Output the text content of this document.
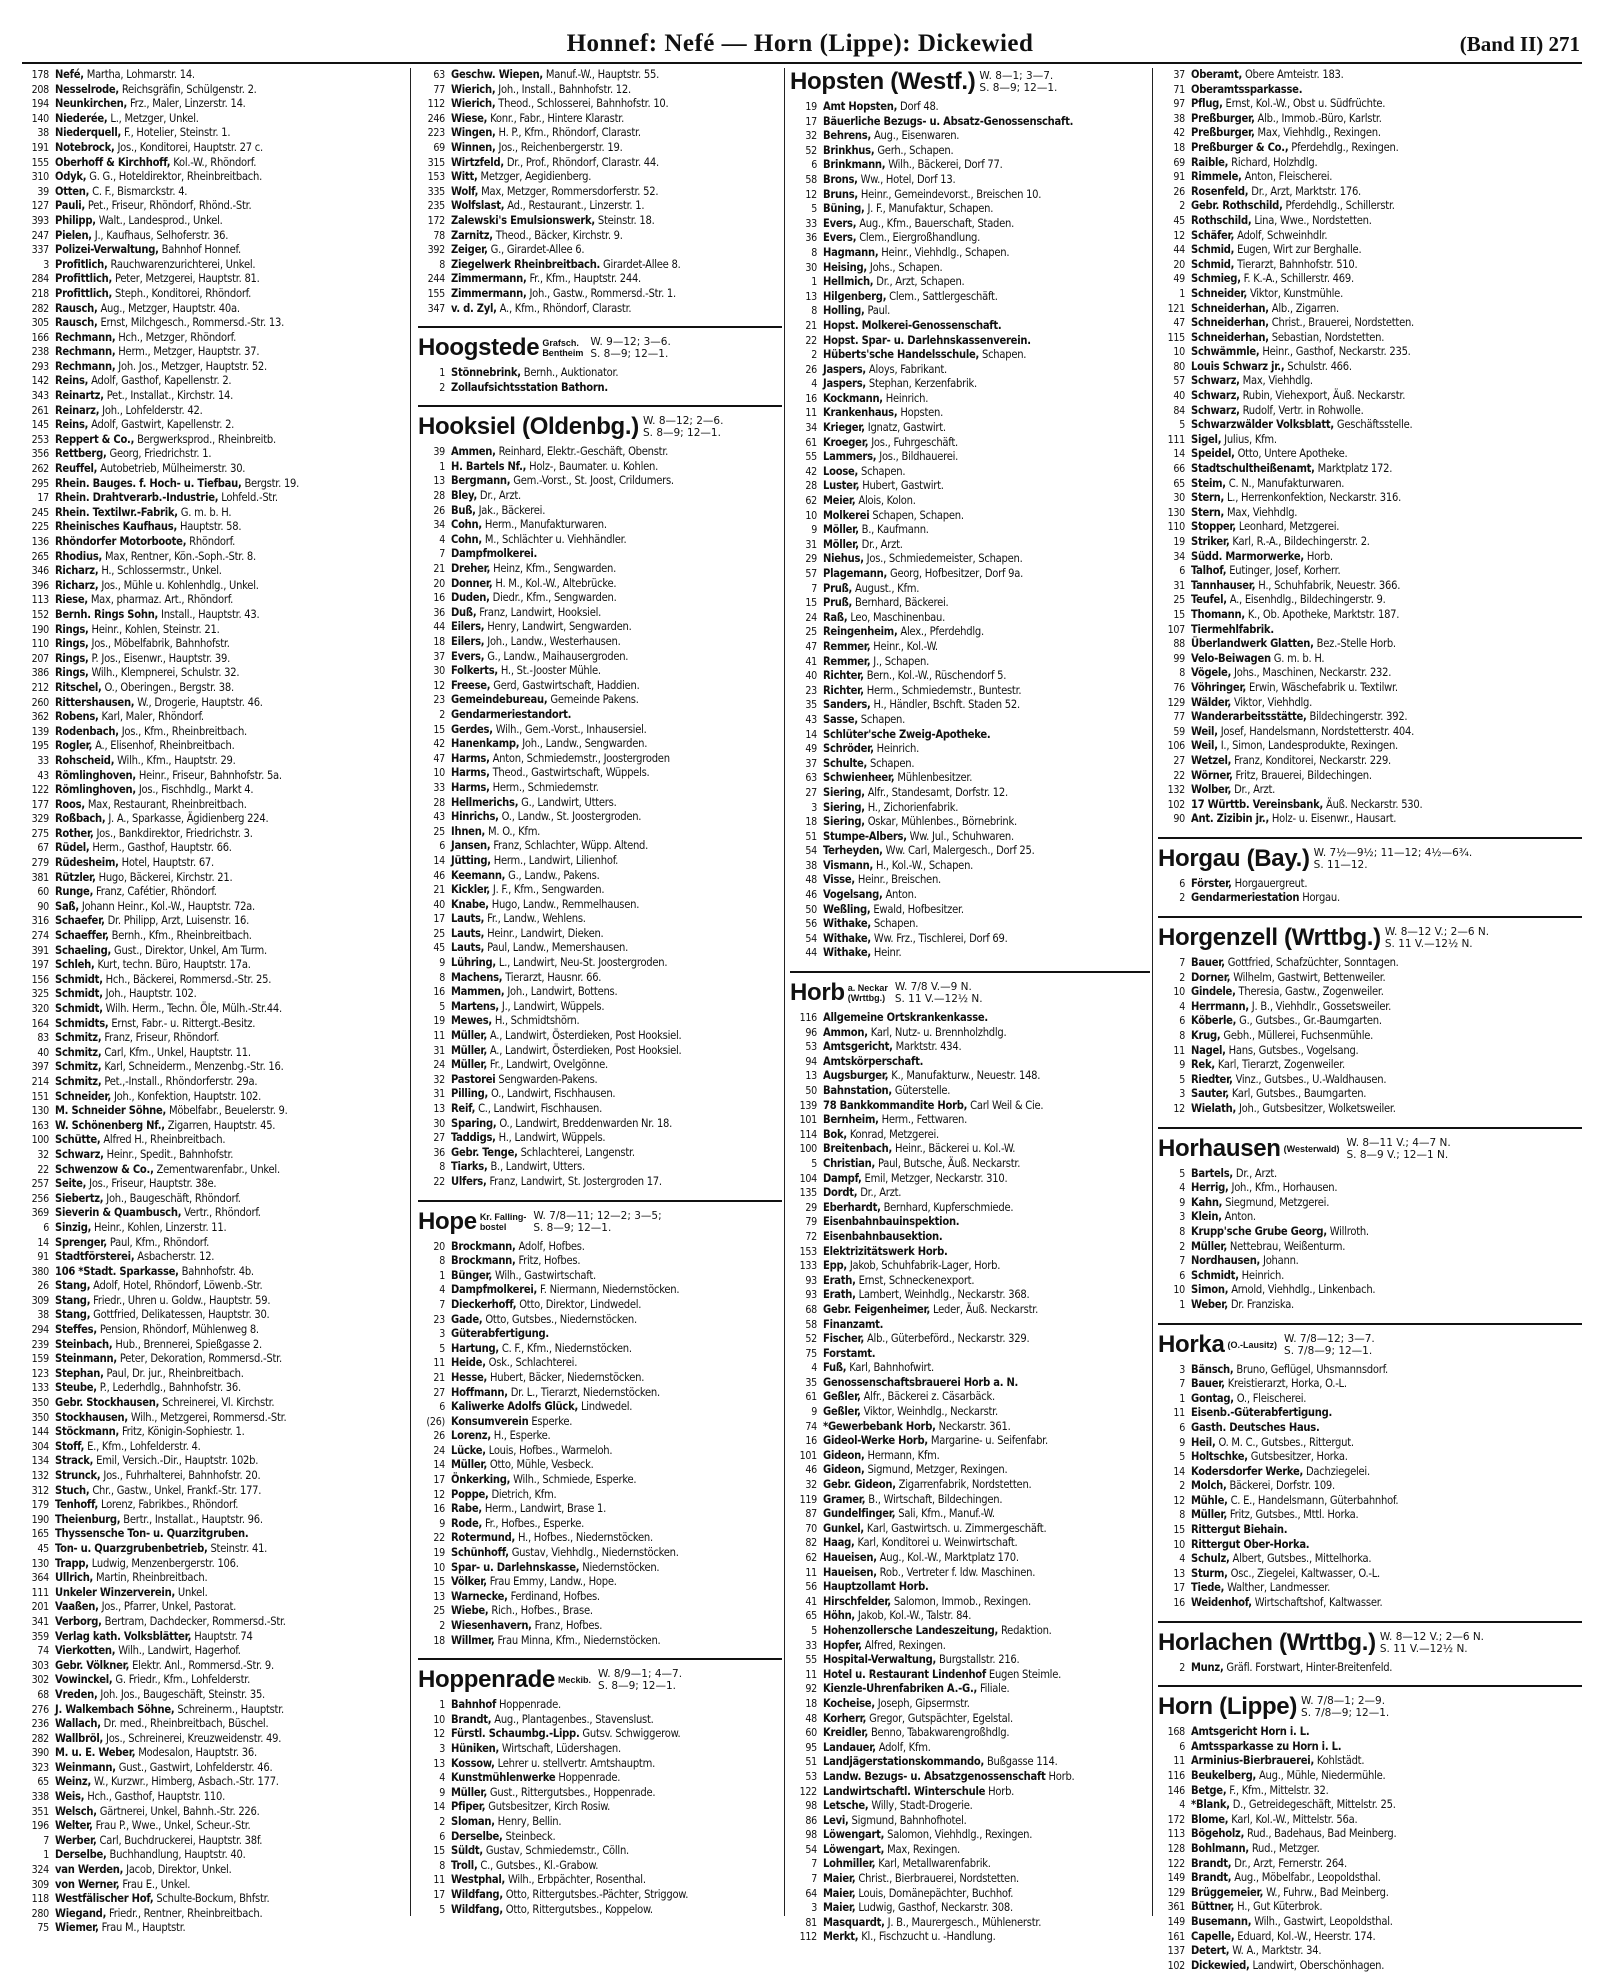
Honnef: Nefé — Horn (Lippe): Dickewied	(Band II) 271
178 Nefé, Martha, Lohmarstr. 14.
208 Nesselrode, Reichsgräfin, Schülgenstr. 2.
194 Neunkirchen, Frz., Maler, Linzerstr. 14.
140 Niederée, L., Metzger, Unkel.
38 Niederquell, F., Hotelier, Steinstr. 1.
191 Notebrock, Jos., Konditorei, Hauptstr. 27 c.
155 Oberhoff & Kirchhoff, Kol.-W., Rhöndorf.
310 Odyk, G. G., Hoteldirektor, Rheinbreitbach.
39 Otten, C. F., Bismarckstr. 4.
127 Pauli, Pet., Friseur, Rhöndorf, Rhönd.-Str.
393 Philipp, Walt., Landesprod., Unkel.
247 Pielen, J., Kaufhaus, Selhoferstr. 36.
337 Polizei-Verwaltung, Bahnhof Honnef.
3 Profitlich, Rauchwarenzurichterei, Unkel.
284 Profittlich, Peter, Metzgerei, Hauptstr. 81.
218 Profittlich, Steph., Konditorei, Rhöndorf.
282 Rausch, Aug., Metzger, Hauptstr. 40a.
305 Rausch, Ernst, Milchgesch., Rommersd.-Str. 13.
166 Rechmann, Hch., Metzger, Rhöndorf.
238 Rechmann, Herm., Metzger, Hauptstr. 37.
293 Rechmann, Joh. Jos., Metzger, Hauptstr. 52.
142 Reins, Adolf, Gasthof, Kapellenstr. 2.
343 Reinartz, Pet., Installat., Kirchstr. 14.
261 Reinarz, Joh., Lohfelderstr. 42.
145 Reins, Adolf, Gastwirt, Kapellenstr. 2.
253 Reppert & Co., Bergwerksprod., Rheinbreitb.
356 Rettberg, Georg, Friedrichstr. 1.
262 Reuffel, Autobetrieb, Mülheimerstr. 30.
295 Rhein. Bauges. f. Hoch- u. Tiefbau, Bergstr. 19.
17 Rhein. Drahtverarb.-Industrie, Lohfeld.-Str.
245 Rhein. Textilwr.-Fabrik, G. m. b. H.
225 Rheinisches Kaufhaus, Hauptstr. 58.
136 Rhöndorfer Motorboote, Rhöndorf.
265 Rhodius, Max, Rentner, Kön.-Soph.-Str. 8.
346 Richarz, H., Schlossermstr., Unkel.
396 Richarz, Jos., Mühle u. Kohlenhdlg., Unkel.
113 Riese, Max, pharmaz. Art., Rhöndorf.
152 Bernh. Rings Sohn, Install., Hauptstr. 43.
190 Rings, Heinr., Kohlen, Steinstr. 21.
110 Rings, Jos., Möbelfabrik, Bahnhofstr.
207 Rings, P. Jos., Eisenwr., Hauptstr. 39.
386 Rings, Wilh., Klempnerei, Schulstr. 32.
212 Ritschel, O., Oberingen., Bergstr. 38.
260 Rittershausen, W., Drogerie, Hauptstr. 46.
362 Robens, Karl, Maler, Rhöndorf.
139 Rodenbach, Jos., Kfm., Rheinbreitbach.
195 Rogler, A., Elisenhof, Rheinbreitbach.
33 Rohscheid, Wilh., Kfm., Hauptstr. 29.
43 Römlinghoven, Heinr., Friseur, Bahnhofstr. 5a.
122 Römlinghoven, Jos., Fischhdlg., Markt 4.
177 Roos, Max, Restaurant, Rheinbreitbach.
329 Roßbach, J. A., Sparkasse, Ägidienberg 224.
275 Rother, Jos., Bankdirektor, Friedrichstr. 3.
67 Rüdel, Herm., Gasthof, Hauptstr. 66.
279 Rüdesheim, Hotel, Hauptstr. 67.
381 Rützler, Hugo, Bäckerei, Kirchstr. 21.
60 Runge, Franz, Cafétier, Rhöndorf.
90 Saß, Johann Heinr., Kol.-W., Hauptstr. 72a.
316 Schaefer, Dr. Philipp, Arzt, Luisenstr. 16.
274 Schaeffer, Bernh., Kfm., Rheinbreitbach.
391 Schaeling, Gust., Direktor, Unkel, Am Turm.
197 Schleh, Kurt, techn. Büro, Hauptstr. 17a.
156 Schmidt, Hch., Bäckerei, Rommersd.-Str. 25.
325 Schmidt, Joh., Hauptstr. 102.
320 Schmidt, Wilh. Herm., Techn. Öle, Mülh.-Str.44.
164 Schmidts, Ernst, Fabr.- u. Rittergt.-Besitz.
83 Schmitz, Franz, Friseur, Rhöndorf.
40 Schmitz, Carl, Kfm., Unkel, Hauptstr. 11.
397 Schmitz, Karl, Schneiderm., Menzenbg.-Str. 16.
214 Schmitz, Pet.,-Install., Rhöndorferstr. 29a.
151 Schneider, Joh., Konfektion, Hauptstr. 102.
130 M. Schneider Söhne, Möbelfabr., Beuelerstr. 9.
163 W. Schönenberg Nf., Zigarren, Hauptstr. 45.
100 Schütte, Alfred H., Rheinbreitbach.
32 Schwarz, Heinr., Spedit., Bahnhofstr.
22 Schwenzow & Co., Zementwarenfabr., Unkel.
257 Seite, Jos., Friseur, Hauptstr. 38e.
256 Siebertz, Joh., Baugeschäft, Rhöndorf.
369 Sieverin & Quambusch, Vertr., Rhöndorf.
6 Sinzig, Heinr., Kohlen, Linzerstr. 11.
14 Sprenger, Paul, Kfm., Rhöndorf.
91 Stadtförsterei, Asbacherstr. 12.
380 106 *Stadt. Sparkasse, Bahnhofstr. 4b.
26 Stang, Adolf, Hotel, Rhöndorf, Löwenb.-Str.
309 Stang, Friedr., Uhren u. Goldw., Hauptstr. 59.
38 Stang, Gottfried, Delikatessen, Hauptstr. 30.
294 Steffes, Pension, Rhöndorf, Mühlenweg 8.
239 Steinbach, Hub., Brennerei, Spießgasse 2.
159 Steinmann, Peter, Dekoration, Rommersd.-Str.
123 Stephan, Paul, Dr. jur., Rheinbreitbach.
133 Steube, P., Lederhdlg., Bahnhofstr. 36.
350 Gebr. Stockhausen, Schreinerei, Vl. Kirchstr.
350 Stockhausen, Wilh., Metzgerei, Rommersd.-Str.
144 Stöckmann, Fritz, Königin-Sophiestr. 1.
304 Stoff, E., Kfm., Lohfelderstr. 4.
134 Strack, Emil, Versich.-Dir., Hauptstr. 102b.
132 Strunck, Jos., Fuhrhalterei, Bahnhofstr. 20.
312 Stuch, Chr., Gastw., Unkel, Frankf.-Str. 177.
179 Tenhoff, Lorenz, Fabrikbes., Rhöndorf.
190 Theienburg, Bertr., Installat., Hauptstr. 96.
165 Thyssensche Ton- u. Quarzitgruben.
45 Ton- u. Quarzgrubenbetrieb, Steinstr. 41.
130 Trapp, Ludwig, Menzenbergerstr. 106.
364 Ullrich, Martin, Rheinbreitbach.
111 Unkeler Winzerverein, Unkel.
201 Vaaßen, Jos., Pfarrer, Unkel, Pastorat.
341 Verborg, Bertram, Dachdecker, Rommersd.-Str.
359 Verlag kath. Volksblätter, Hauptstr. 74
74 Vierkotten, Wilh., Landwirt, Hagerhof.
303 Gebr. Völkner, Elektr. Anl., Rommersd.-Str. 9.
302 Vowinckel, G. Friedr., Kfm., Lohfelderstr.
68 Vreden, Joh. Jos., Baugeschäft, Steinstr. 35.
276 J. Walkembach Söhne, Schreinerm., Hauptstr.
236 Wallach, Dr. med., Rheinbreitbach, Büschel.
282 Wallbröl, Jos., Schreinerei, Kreuzweidenstr. 49.
390 M. u. E. Weber, Modesalon, Hauptstr. 36.
323 Weinmann, Gust., Gastwirt, Lohfelderstr. 46.
65 Weinz, W., Kurzwr., Himberg, Asbach.-Str. 177.
338 Weis, Hch., Gasthof, Hauptstr. 110.
351 Welsch, Gärtnerei, Unkel, Bahnh.-Str. 226.
196 Welter, Frau P., Wwe., Unkel, Scheur.-Str.
7 Werber, Carl, Buchdruckerei, Hauptstr. 38f.
1 Derselbe, Buchhandlung, Hauptstr. 40.
324 van Werden, Jacob, Direktor, Unkel.
309 von Werner, Frau E., Unkel.
118 Westfälischer Hof, Schulte-Bockum, Bhfstr.
280 Wiegand, Friedr., Rentner, Rheinbreitbach.
75 Wiemer, Frau M., Hauptstr.
63 Geschw. Wiepen, Manuf.-W., Hauptstr. 55.
77 Wierich, Joh., Install., Bahnhofstr. 12.
112 Wierich, Theod., Schlosserei, Bahnhofstr. 10.
246 Wiese, Konr., Fabr., Hintere Klarastr.
223 Wingen, H. P., Kfm., Rhöndorf, Clarastr.
69 Winnen, Jos., Reichenbergerstr. 19.
315 Wirtzfeld, Dr., Prof., Rhöndorf, Clarastr. 44.
153 Witt, Metzger, Aegidienberg.
335 Wolf, Max, Metzger, Rommersdorferstr. 52.
235 Wolfslast, Ad., Restaurant., Linzerstr. 1.
172 Zalewski's Emulsionswerk, Steinstr. 18.
78 Zarnitz, Theod., Bäcker, Kirchstr. 9.
392 Zeiger, G., Girardet-Allee 6.
8 Ziegelwerk Rheinbreitbach. Girardet-Allee 8.
244 Zimmermann, Fr., Kfm., Hauptstr. 244.
155 Zimmermann, Joh., Gastw., Rommersd.-Str. 1.
347 v. d. Zyl, A., Kfm., Rhöndorf, Clarastr.
Hoogstede Grafsch.
Bentheim
W. 9—12; 3—6.
S. 8—9; 12—1.
1 Stönnebrink, Bernh., Auktionator.
2 Zollaufsichtsstation Bathorn.
Hooksiel (Oldenbg.) W. 8—12; 2—6.
S. 8—9; 12—1.
39 Ammen, Reinhard, Elektr.-Geschäft, Obenstr.
1 H. Bartels Nf., Holz-, Baumater. u. Kohlen.
13 Bergmann, Gem.-Vorst., St. Joost, Crildumers.
28 Bley, Dr., Arzt.
26 Buß, Jak., Bäckerei.
34 Cohn, Herm., Manufakturwaren.
4 Cohn, M., Schlächter u. Viehhändler.
7 Dampfmolkerei.
21 Dreher, Heinz, Kfm., Sengwarden.
20 Donner, H. M., Kol.-W., Altebrücke.
16 Duden, Diedr., Kfm., Sengwarden.
36 Duß, Franz, Landwirt, Hooksiel.
44 Eilers, Henry, Landwirt, Sengwarden.
18 Eilers, Joh., Landw., Westerhausen.
37 Evers, G., Landw., Maihausergroden.
30 Folkerts, H., St.-Jooster Mühle.
12 Freese, Gerd, Gastwirtschaft, Haddien.
23 Gemeindebureau, Gemeinde Pakens.
2 Gendarmeriestandort.
15 Gerdes, Wilh., Gem.-Vorst., Inhausersiel.
42 Hanenkamp, Joh., Landw., Sengwarden.
47 Harms, Anton, Schmiedemstr., Joostergroden
10 Harms, Theod., Gastwirtschaft, Wüppels.
33 Harms, Herm., Schmiedemstr.
28 Hellmerichs, G., Landwirt, Utters.
43 Hinrichs, O., Landw., St. Joostergroden.
25 Ihnen, M. O., Kfm.
6 Jansen, Franz, Schlachter, Wüpp. Altend.
14 Jütting, Herm., Landwirt, Lilienhof.
46 Keemann, G., Landw., Pakens.
21 Kickler, J. F., Kfm., Sengwarden.
40 Knabe, Hugo, Landw., Remmelhausen.
17 Lauts, Fr., Landw., Wehlens.
25 Lauts, Heinr., Landwirt, Dieken.
45 Lauts, Paul, Landw., Memershausen.
9 Lühring, L., Landwirt, Neu-St. Joostergroden.
8 Machens, Tierarzt, Hausnr. 66.
16 Mammen, Joh., Landwirt, Bottens.
5 Martens, J., Landwirt, Wüppels.
19 Mewes, H., Schmidtshörn.
11 Müller, A., Landwirt, Österdieken, Post Hooksiel.
31 Müller, A., Landwirt, Österdieken, Post Hooksiel.
24 Müller, Fr., Landwirt, Ovelgönne.
32 Pastorei Sengwarden-Pakens.
31 Pilling, O., Landwirt, Fischhausen.
13 Reif, C., Landwirt, Fischhausen.
30 Sparing, O., Landwirt, Breddenwarden Nr. 18.
27 Taddigs, H., Landwirt, Wüppels.
36 Gebr. Tenge, Schlachterei, Langenstr.
8 Tiarks, B., Landwirt, Utters.
22 Ulfers, Franz, Landwirt, St. Jostergroden 17.
Hope Kr. Falling-
bostel
W. 7/8—11; 12—2; 3—5;
S. 8—9; 12—1.
20 Brockmann, Adolf, Hofbes.
8 Brockmann, Fritz, Hofbes.
1 Bünger, Wilh., Gastwirtschaft.
4 Dampfmolkerei, F. Niermann, Niedernstöcken.
7 Dieckerhoff, Otto, Direktor, Lindwedel.
23 Gade, Otto, Gutsbes., Niedernstöcken.
3 Güterabfertigung.
5 Hartung, C. F., Kfm., Niedernstöcken.
11 Heide, Osk., Schlachterei.
21 Hesse, Hubert, Bäcker, Niedernstöcken.
27 Hoffmann, Dr. L., Tierarzt, Niedernstöcken.
6 Kaliwerke Adolfs Glück, Lindwedel.
(26) Konsumverein Esperke.
26 Lorenz, H., Esperke.
24 Lücke, Louis, Hofbes., Warmeloh.
14 Müller, Otto, Mühle, Vesbeck.
17 Önkerking, Wilh., Schmiede, Esperke.
12 Poppe, Dietrich, Kfm.
16 Rabe, Herm., Landwirt, Brase 1.
9 Rode, Fr., Hofbes., Esperke.
22 Rotermund, H., Hofbes., Niedernstöcken.
19 Schünhoff, Gustav, Viehhdlg., Niedernstöcken.
10 Spar- u. Darlehnskasse, Niedernstöcken.
15 Völker, Frau Emmy, Landw., Hope.
13 Warnecke, Ferdinand, Hofbes.
25 Wiebe, Rich., Hofbes., Brase.
2 Wiesenhavern, Franz, Hofbes.
18 Willmer, Frau Minna, Kfm., Niedernstöcken.
Hoppenrade Meckib. W. 8/9—1; 4—7.
S. 8—9; 12—1.
1 Bahnhof Hoppenrade.
10 Brandt, Aug., Plantagenbes., Stavenslust.
12 Fürstl. Schaumbg.-Lipp. Gutsv. Schwiggerow.
3 Hüniken, Wirtschaft, Lüdershagen.
13 Kossow, Lehrer u. stellvertr. Amtshauptm.
4 Kunstmühlenwerke Hoppenrade.
9 Müller, Gust., Rittergutsbes., Hoppenrade.
14 Pfiper, Gutsbesitzer, Kirch Rosiw.
2 Sloman, Henry, Bellin.
6 Derselbe, Steinbeck.
15 Süldt, Gustav, Schmiedemstr., Cölln.
8 Troll, C., Gutsbes., Kl.-Grabow.
11 Westphal, Wilh., Erbpächter, Rosenthal.
17 Wildfang, Otto, Rittergutsbes.-Pächter, Striggow.
5 Wildfang, Otto, Rittergutsbes., Koppelow.
Hopsten (Westf.) W. 8—1; 3—7.
S. 8—9; 12—1.
19 Amt Hopsten, Dorf 48.
17 Bäuerliche Bezugs- u. Absatz-Genossenschaft.
32 Behrens, Aug., Eisenwaren.
52 Brinkhus, Gerh., Schapen.
6 Brinkmann, Wilh., Bäckerei, Dorf 77.
58 Brons, Ww., Hotel, Dorf 13.
12 Bruns, Heinr., Gemeindevorst., Breischen 10.
5 Büning, J. F., Manufaktur, Schapen.
33 Evers, Aug., Kfm., Bauerschaft, Staden.
36 Evers, Clem., Eiergroßhandlung.
8 Hagmann, Heinr., Viehhdlg., Schapen.
30 Heising, Johs., Schapen.
1 Hellmich, Dr., Arzt, Schapen.
13 Hilgenberg, Clem., Sattlergeschäft.
8 Holling, Paul.
21 Hopst. Molkerei-Genossenschaft.
22 Hopst. Spar- u. Darlehnskassenverein.
2 Hüberts'sche Handelsschule, Schapen.
26 Jaspers, Aloys, Fabrikant.
4 Jaspers, Stephan, Kerzenfabrik.
16 Kockmann, Heinrich.
11 Krankenhaus, Hopsten.
34 Krieger, Ignatz, Gastwirt.
61 Kroeger, Jos., Fuhrgeschäft.
55 Lammers, Jos., Bildhauerei.
42 Loose, Schapen.
28 Luster, Hubert, Gastwirt.
62 Meier, Alois, Kolon.
10 Molkerei Schapen, Schapen.
9 Möller, B., Kaufmann.
31 Möller, Dr., Arzt.
29 Niehus, Jos., Schmiedemeister, Schapen.
57 Plagemann, Georg, Hofbesitzer, Dorf 9a.
7 Pruß, August., Kfm.
15 Pruß, Bernhard, Bäckerei.
24 Raß, Leo, Maschinenbau.
25 Reingenheim, Alex., Pferdehdlg.
47 Remmer, Heinr., Kol.-W.
41 Remmer, J., Schapen.
40 Richter, Bern., Kol.-W., Rüschendorf 5.
23 Richter, Herm., Schmiedemstr., Buntestr.
35 Sanders, H., Händler, Bschft. Staden 52.
43 Sasse, Schapen.
14 Schlüter'sche Zweig-Apotheke.
49 Schröder, Heinrich.
37 Schulte, Schapen.
63 Schwienheer, Mühlenbesitzer.
27 Siering, Alfr., Standesamt, Dorfstr. 12.
3 Siering, H., Zichorienfabrik.
18 Siering, Oskar, Mühlenbes., Börnebrink.
51 Stumpe-Albers, Ww. Jul., Schuhwaren.
54 Terheyden, Ww. Carl, Malergesch., Dorf 25.
38 Vismann, H., Kol.-W., Schapen.
48 Visse, Heinr., Breischen.
46 Vogelsang, Anton.
50 Weßling, Ewald, Hofbesitzer.
56 Withake, Schapen.
54 Withake, Ww. Frz., Tischlerei, Dorf 69.
44 Withake, Heinr.
Horb a. Neckar
(Wrttbg.)
W. 7/8 V.—9 N.
S. 11 V.—12½ N.
116 Allgemeine Ortskrankenkasse.
96 Ammon, Karl, Nutz- u. Brennholzhdlg.
53 Amtsgericht, Marktstr. 434.
94 Amtskörperschaft.
13 Augsburger, K., Manufakturw., Neuestr. 148.
50 Bahnstation, Güterstelle.
139 78 Bankkommandite Horb, Carl Weil & Cie.
101 Bernheim, Herm., Fettwaren.
114 Bok, Konrad, Metzgerei.
100 Breitenbach, Heinr., Bäckerei u. Kol.-W.
5 Christian, Paul, Butsche, Äuß. Neckarstr.
104 Dampf, Emil, Metzger, Neckarstr. 310.
135 Dordt, Dr., Arzt.
29 Eberhardt, Bernhard, Kupferschmiede.
79 Eisenbahnbauinspektion.
72 Eisenbahnbausektion.
153 Elektrizitätswerk Horb.
133 Epp, Jakob, Schuhfabrik-Lager, Horb.
93 Erath, Ernst, Schneckenexport.
93 Erath, Lambert, Weinhdlg., Neckarstr. 368.
68 Gebr. Feigenheimer, Leder, Äuß. Neckarstr.
58 Finanzamt.
52 Fischer, Alb., Güterbeförd., Neckarstr. 329.
75 Forstamt.
4 Fuß, Karl, Bahnhofwirt.
35 Genossenschaftsbrauerei Horb a. N.
61 Geßler, Alfr., Bäckerei z. Cäsarbäck.
9 Geßler, Viktor, Weinhdlg., Neckarstr.
74 *Gewerbebank Horb, Neckarstr. 361.
16 Gideol-Werke Horb, Margarine- u. Seifenfabr.
101 Gideon, Hermann, Kfm.
46 Gideon, Sigmund, Metzger, Rexingen.
32 Gebr. Gideon, Zigarrenfabrik, Nordstetten.
119 Gramer, B., Wirtschaft, Bildechingen.
87 Gundelfinger, Sali, Kfm., Manuf.-W.
70 Gunkel, Karl, Gastwirtsch. u. Zimmergeschäft.
82 Haag, Karl, Konditorei u. Weinwirtschaft.
62 Haueisen, Aug., Kol.-W., Marktplatz 170.
11 Haueisen, Rob., Vertreter f. ldw. Maschinen.
56 Hauptzollamt Horb.
41 Hirschfelder, Salomon, Immob., Rexingen.
65 Höhn, Jakob, Kol.-W., Talstr. 84.
5 Hohenzollersche Landeszeitung, Redaktion.
33 Hopfer, Alfred, Rexingen.
55 Hospital-Verwaltung, Burgstallstr. 216.
11 Hotel u. Restaurant Lindenhof Eugen Steimle.
92 Kienzle-Uhrenfabriken A.-G., Filiale.
18 Kocheise, Joseph, Gipsermstr.
48 Korherr, Gregor, Gutspächter, Egelstal.
60 Kreidler, Benno, Tabakwarengroßhdlg.
95 Landauer, Adolf, Kfm.
51 Landjägerstationskommando, Bußgasse 114.
53 Landw. Bezugs- u. Absatzgenossenschaft Horb.
122 Landwirtschaftl. Winterschule Horb.
98 Letsche, Willy, Stadt-Drogerie.
86 Levi, Sigmund, Bahnhofhotel.
98 Löwengart, Salomon, Viehhdlg., Rexingen.
54 Löwengart, Max, Rexingen.
7 Lohmiller, Karl, Metallwarenfabrik.
7 Maier, Christ., Bierbrauerei, Nordstetten.
64 Maier, Louis, Domänepächter, Buchhof.
3 Maier, Ludwig, Gasthof, Neckarstr. 308.
81 Masquardt, J. B., Maurergesch., Mühlenerstr.
112 Merkt, Kl., Fischzucht u. -Handlung.
37 Oberamt, Obere Amteistr. 183.
71 Oberamtssparkasse.
97 Pflug, Ernst, Kol.-W., Obst u. Südfrüchte.
38 Preßburger, Alb., Immob.-Büro, Karlstr.
42 Preßburger, Max, Viehhdlg., Rexingen.
18 Preßburger & Co., Pferdehdlg., Rexingen.
69 Raible, Richard, Holzhdlg.
91 Rimmele, Anton, Fleischerei.
26 Rosenfeld, Dr., Arzt, Marktstr. 176.
2 Gebr. Rothschild, Pferdehdlg., Schillerstr.
45 Rothschild, Lina, Wwe., Nordstetten.
12 Schäfer, Adolf, Schweinhdlr.
44 Schmid, Eugen, Wirt zur Berghalle.
20 Schmid, Tierarzt, Bahnhofstr. 510.
49 Schmieg, F. K.-A., Schillerstr. 469.
1 Schneider, Viktor, Kunstmühle.
121 Schneiderhan, Alb., Zigarren.
47 Schneiderhan, Christ., Brauerei, Nordstetten.
115 Schneiderhan, Sebastian, Nordstetten.
10 Schwämmle, Heinr., Gasthof, Neckarstr. 235.
80 Louis Schwarz jr., Schulstr. 466.
57 Schwarz, Max, Viehhdlg.
40 Schwarz, Rubin, Viehexport, Äuß. Neckarstr.
84 Schwarz, Rudolf, Vertr. in Rohwolle.
5 Schwarzwälder Volksblatt, Geschäftsstelle.
111 Sigel, Julius, Kfm.
14 Speidel, Otto, Untere Apotheke.
66 Stadtschultheißenamt, Marktplatz 172.
65 Steim, C. N., Manufakturwaren.
30 Stern, L., Herrenkonfektion, Neckarstr. 316.
130 Stern, Max, Viehhdlg.
110 Stopper, Leonhard, Metzgerei.
19 Striker, Karl, R.-A., Bildechingerstr. 2.
34 Südd. Marmorwerke, Horb.
6 Talhof, Eutinger, Josef, Korherr.
31 Tannhauser, H., Schuhfabrik, Neuestr. 366.
25 Teufel, A., Eisenhdlg., Bildechingerstr. 9.
15 Thomann, K., Ob. Apotheke, Marktstr. 187.
107 Tiermehlfabrik.
88 Überlandwerk Glatten, Bez.-Stelle Horb.
99 Velo-Beiwagen G. m. b. H.
8 Vögele, Johs., Maschinen, Neckarstr. 232.
76 Vöhringer, Erwin, Wäschefabrik u. Textilwr.
129 Wälder, Viktor, Viehhdlg.
77 Wanderarbeitsstätte, Bildechingerstr. 392.
59 Weil, Josef, Handelsmann, Nordstetterstr. 404.
106 Weil, I., Simon, Landesprodukte, Rexingen.
27 Wetzel, Franz, Konditorei, Neckarstr. 229.
22 Wörner, Fritz, Brauerei, Bildechingen.
132 Wolber, Dr., Arzt.
102 17 Württb. Vereinsbank, Äuß. Neckarstr. 530.
90 Ant. Zizibin jr., Holz- u. Eisenwr., Hausart.
Horgau (Bay.) W. 7½—9½; 11—12; 4½—6¾.
S. 11—12.
6 Förster, Horgauergreut.
2 Gendarmeriestation Horgau.
Horgenzell (Wrttbg.) W. 8—12 V.; 2—6 N.
S. 11 V.—12½ N.
7 Bauer, Gottfried, Schafzüchter, Sonntagen.
2 Dorner, Wilhelm, Gastwirt, Bettenweiler.
10 Gindele, Theresia, Gastw., Zogenweiler.
4 Herrmann, J. B., Viehhdlr., Gossetsweiler.
6 Köberle, G., Gutsbes., Gr.-Baumgarten.
8 Krug, Gebh., Müllerei, Fuchsenmühle.
11 Nagel, Hans, Gutsbes., Vogelsang.
9 Rek, Karl, Tierarzt, Zogenweiler.
5 Riedter, Vinz., Gutsbes., U.-Waldhausen.
3 Sauter, Karl, Gutsbes., Baumgarten.
12 Wielath, Joh., Gutsbesitzer, Wolketsweiler.
Horhausen (Westerwald) W. 8—11 V.; 4—7 N.
S. 8—9 V.; 12—1 N.
5 Bartels, Dr., Arzt.
4 Herrig, Joh., Kfm., Horhausen.
9 Kahn, Siegmund, Metzgerei.
3 Klein, Anton.
8 Krupp'sche Grube Georg, Willroth.
2 Müller, Nettebrau, Weißenturm.
7 Nordhausen, Johann.
6 Schmidt, Heinrich.
10 Simon, Arnold, Viehhdlg., Linkenbach.
1 Weber, Dr. Franziska.
Horka (O.-Lausitz) W. 7/8—12; 3—7.
S. 7/8—9; 12—1.
3 Bänsch, Bruno, Geflügel, Uhsmannsdorf.
7 Bauer, Kreistierarzt, Horka, O.-L.
1 Gontag, O., Fleischerei.
11 Eisenb.-Güterabfertigung.
6 Gasth. Deutsches Haus.
9 Heil, O. M. C., Gutsbes., Rittergut.
5 Holtschke, Gutsbesitzer, Horka.
14 Kodersdorfer Werke, Dachziegelei.
2 Molch, Bäckerei, Dorfstr. 109.
12 Mühle, C. E., Handelsmann, Güterbahnhof.
8 Müller, Fritz, Gutsbes., Mttl. Horka.
15 Rittergut Biehain.
10 Rittergut Ober-Horka.
4 Schulz, Albert, Gutsbes., Mittelhorka.
13 Sturm, Osc., Ziegelei, Kaltwasser, O.-L.
17 Tiede, Walther, Landmesser.
16 Weidenhof, Wirtschaftshof, Kaltwasser.
Horlachen (Wrttbg.) W. 8—12 V.; 2—6 N.
S. 11 V.—12½ N.
2 Munz, Gräfl. Forstwart, Hinter-Breitenfeld.
Horn (Lippe) W. 7/8—1; 2—9.
S. 7/8—9; 12—1.
168 Amtsgericht Horn i. L.
6 Amtssparkasse zu Horn i. L.
11 Arminius-Bierbrauerei, Kohlstädt.
116 Beukelberg, Aug., Mühle, Niedermühle.
146 Betge, F., Kfm., Mittelstr. 32.
4 *Blank, D., Getreidegeschäft, Mittelstr. 25.
172 Blome, Karl, Kol.-W., Mittelstr. 56a.
113 Bögeholz, Rud., Badehaus, Bad Meinberg.
128 Bohlmann, Rud., Metzger.
122 Brandt, Dr., Arzt, Fernerstr. 264.
149 Brandt, Aug., Möbelfabr., Leopoldsthal.
129 Brüggemeier, W., Fuhrw., Bad Meinberg.
361 Büttner, H., Gut Küterbrok.
149 Busemann, Wilh., Gastwirt, Leopoldsthal.
161 Capelle, Eduard, Kol.-W., Heerstr. 174.
137 Detert, W. A., Marktstr. 34.
102 Dickewied, Landwirt, Oberschönhagen.
